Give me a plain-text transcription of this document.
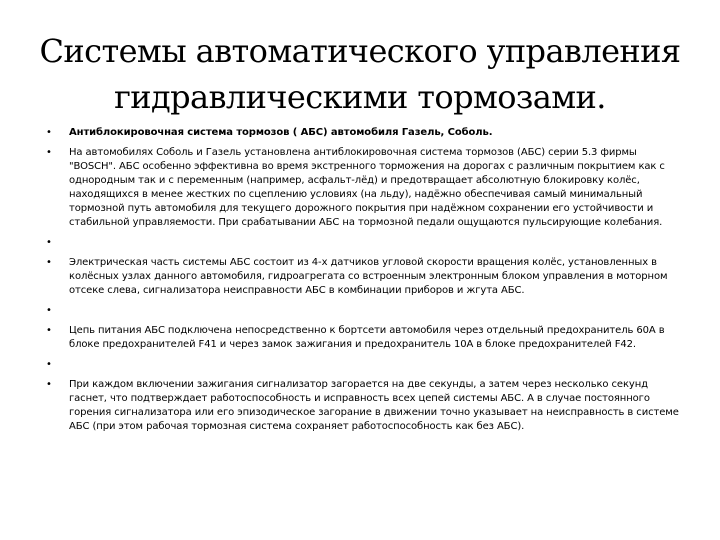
Системы автоматического управления гидравлическими тормозами.
• Антиблокировочная система тормозов ( АБС) автомобиля Газель, Соболь.
• На автомобилях Соболь и Газель установлена антиблокировочная система тормозов (АБС) серии 5.3 фирмы "BOSCH". АБС особенно эффективна во время экстренного торможения на дорогах с различным покрытием как с однородным так и с переменным (например, асфальт-лёд) и предотвращает абсолютную блокировку колёс, находящихся в менее жестких по сцеплению условиях (на льду), надёжно обеспечивая самый минимальный тормозной путь автомобиля для текущего дорожного покрытия при надёжном сохранении его устойчивости и стабильной управляемости. При срабатывании АБС на тормозной педали ощущаются пульсирующие колебания.
•
• Электрическая часть системы АБС состоит из 4-х датчиков угловой скорости вращения колёс, установленных в колёсных узлах данного автомобиля, гидроагрегата со встроенным электронным блоком управления в моторном отсеке слева, сигнализатора неисправности АБС в комбинации приборов и жгута АБС.
•
• Цепь питания АБС подключена непосредственно к бортсети автомобиля через отдельный предохранитель 60А в блоке предохранителей F41 и через замок зажигания и предохранитель 10А в блоке предохранителей F42.
•
• При каждом включении зажигания сигнализатор загорается на две секунды, а затем через несколько секунд гаснет, что подтверждает работоспособность и исправность всех цепей системы АБС. А в случае постоянного горения сигнализатора или его эпизодическое загорание в движении точно указывает на неисправность в системе АБС (при этом рабочая тормозная система сохраняет работоспособность как без АБС).
